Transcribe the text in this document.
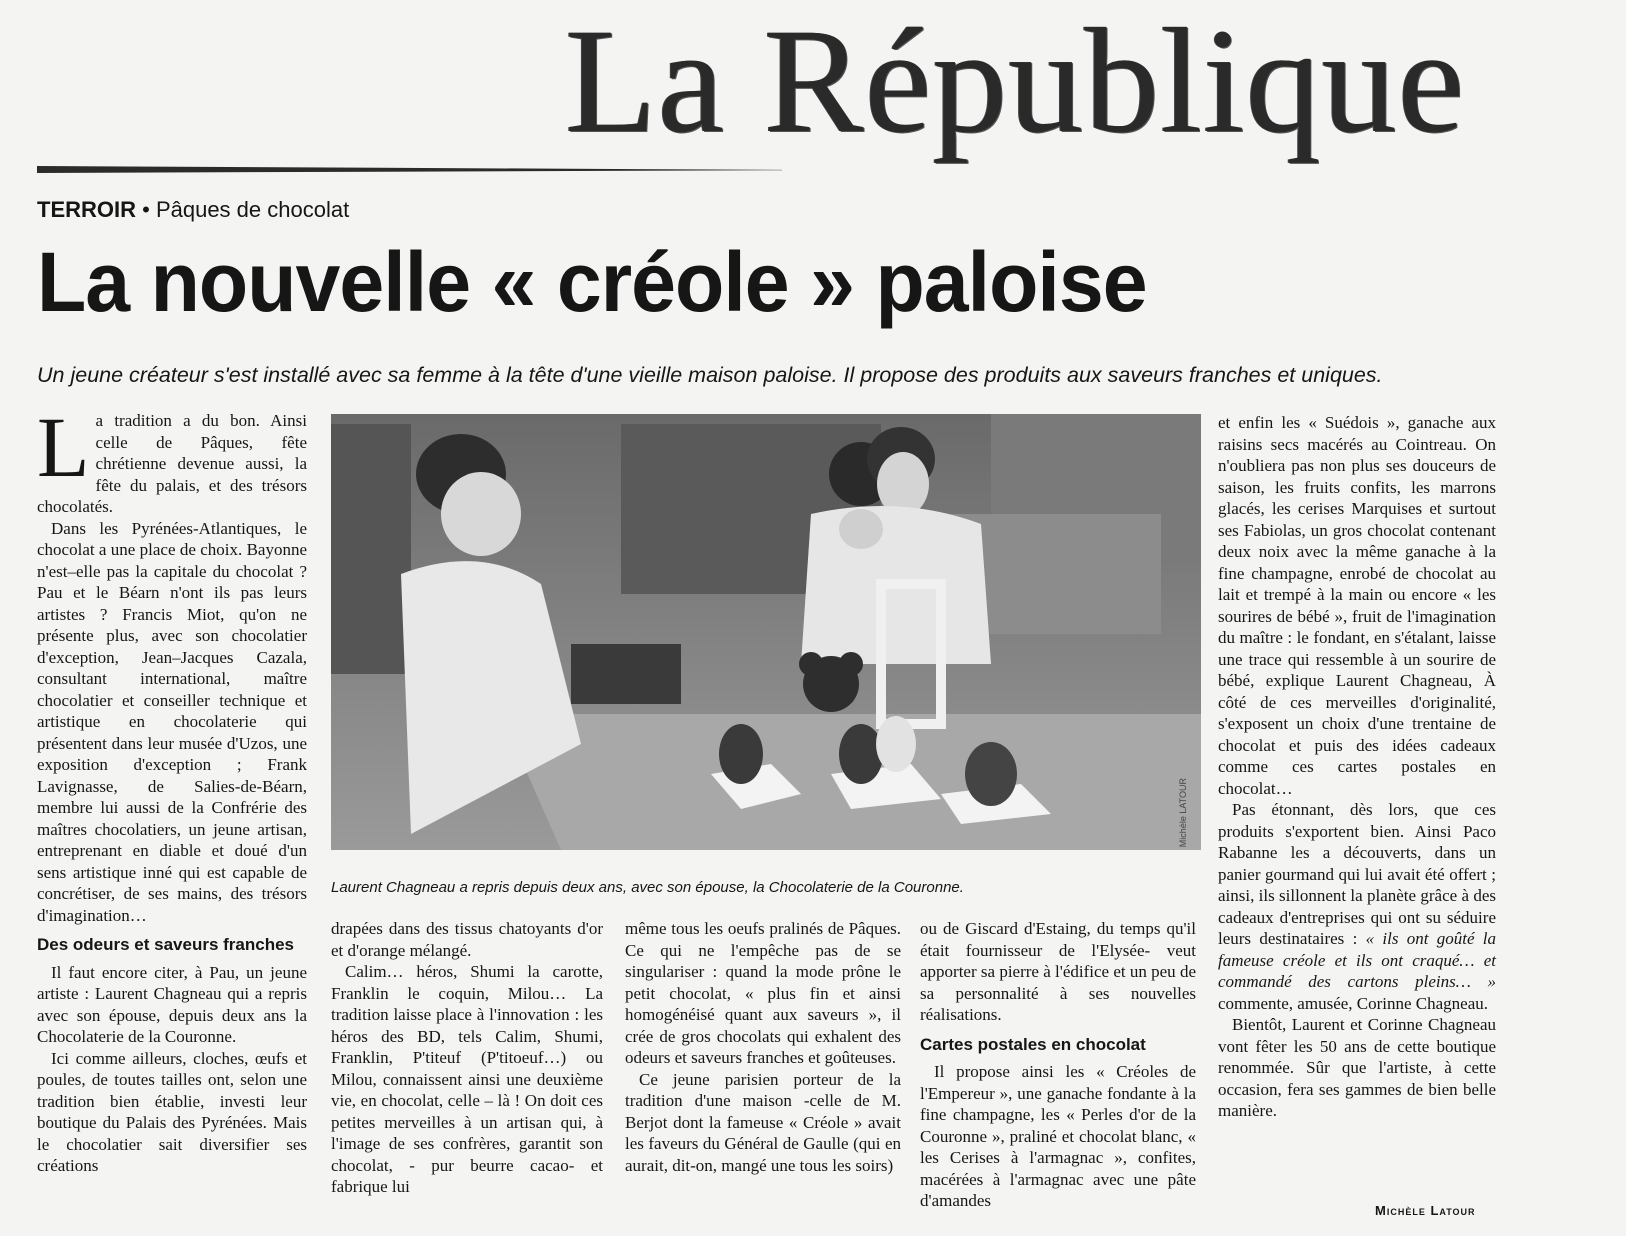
La République
TERROIR • Pâques de chocolat
La nouvelle « créole » paloise
Un jeune créateur s'est installé avec sa femme à la tête d'une vieille maison paloise. Il propose des produits aux saveurs franches et uniques.

La tradition a du bon. Ainsi celle de Pâques, fête chrétienne devenue aussi, la fête du palais, et des trésors chocolatés.

Dans les Pyrénées-Atlantiques, le chocolat a une place de choix. Bayonne n'est–elle pas la capitale du chocolat ? Pau et le Béarn n'ont ils pas leurs artistes ? Francis Miot, qu'on ne présente plus, avec son chocolatier d'exception, Jean–Jacques Cazala, consultant international, maître chocolatier et conseiller technique et artistique en chocolaterie qui présentent dans leur musée d'Uzos, une exposition d'exception ; Frank Lavignasse, de Salies-de-Béarn, membre lui aussi de la Confrérie des maîtres chocolatiers, un jeune artisan, entreprenant en diable et doué d'un sens artistique inné qui est capable de concrétiser, de ses mains, des trésors d'imagination…

Des odeurs et saveurs franches

Il faut encore citer, à Pau, un jeune artiste : Laurent Chagneau qui a repris avec son épouse, depuis deux ans la Chocolaterie de la Couronne.

Ici comme ailleurs, cloches, œufs et poules, de toutes tailles ont, selon une tradition bien établie, investi leur boutique du Palais des Pyrénées. Mais le chocolatier sait diversifier ses créations

Michèle LATOUR
Laurent Chagneau a repris depuis deux ans, avec son épouse, la Chocolaterie de la Couronne.

drapées dans des tissus chatoyants d'or et d'orange mélangé.

Calim… héros, Shumi la carotte, Franklin le coquin, Milou… La tradition laisse place à l'innovation : les héros des BD, tels Calim, Shumi, Franklin, P'titeuf (P'titoeuf…) ou Milou, connaissent ainsi une deuxième vie, en chocolat, celle – là ! On doit ces petites merveilles à un artisan qui, à l'image de ses confrères, garantit son chocolat, - pur beurre cacao- et fabrique lui

même tous les oeufs pralinés de Pâques. Ce qui ne l'empêche pas de se singulariser : quand la mode prône le petit chocolat, « plus fin et ainsi homogénéisé quant aux saveurs », il crée de gros chocolats qui exhalent des odeurs et saveurs franches et goûteuses.

Ce jeune parisien porteur de la tradition d'une maison -celle de M. Berjot dont la fameuse « Créole » avait les faveurs du Général de Gaulle (qui en aurait, dit-on, mangé une tous les soirs)

ou de Giscard d'Estaing, du temps qu'il était fournisseur de l'Elysée- veut apporter sa pierre à l'édifice et un peu de sa personnalité à ses nouvelles réalisations.

Cartes postales en chocolat

Il propose ainsi les « Créoles de l'Empereur », une ganache fondante à la fine champagne, les « Perles d'or de la Couronne », praliné et chocolat blanc, « les Cerises à l'armagnac », confites, macérées à l'armagnac avec une pâte d'amandes

et enfin les « Suédois », ganache aux raisins secs macérés au Cointreau. On n'oubliera pas non plus ses douceurs de saison, les fruits confits, les marrons glacés, les cerises Marquises et surtout ses Fabiolas, un gros chocolat contenant deux noix avec la même ganache à la fine champagne, enrobé de chocolat au lait et trempé à la main ou encore « les sourires de bébé », fruit de l'imagination du maître : le fondant, en s'étalant, laisse une trace qui ressemble à un sourire de bébé, explique Laurent Chagneau, À côté de ces merveilles d'originalité, s'exposent un choix d'une trentaine de chocolat et puis des idées cadeaux comme ces cartes postales en chocolat…

Pas étonnant, dès lors, que ces produits s'exportent bien. Ainsi Paco Rabanne les a découverts, dans un panier gourmand qui lui avait été offert ; ainsi, ils sillonnent la planète grâce à des cadeaux d'entreprises qui ont su séduire leurs destinataires : « ils ont goûté la fameuse créole et ils ont craqué… et commandé des cartons pleins… » commente, amusée, Corinne Chagneau.

Bientôt, Laurent et Corinne Chagneau vont fêter les 50 ans de cette boutique renommée. Sûr que l'artiste, à cette occasion, fera ses gammes de bien belle manière.

Michèle Latour
